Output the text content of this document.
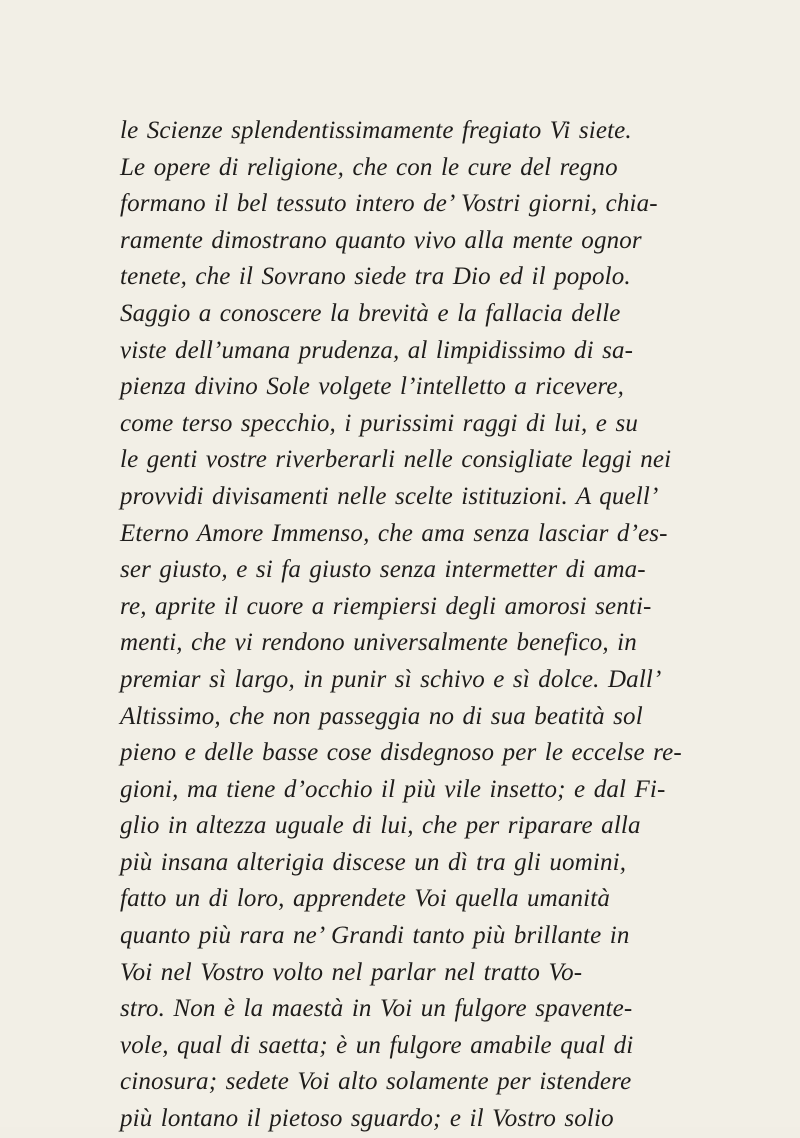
le Scienze splendentissimamente fregiato Vi siete.
Le opere di religione, che con le cure del regno
formano il bel tessuto intero de’ Vostri giorni, chia-
ramente dimostrano quanto vivo alla mente ognor
tenete, che il Sovrano siede tra Dio ed il popolo.
Saggio a conoscere la brevità e la fallacia delle
viste dell’umana prudenza, al limpidissimo di sa-
pienza divino Sole volgete l’intelletto a ricevere,
come terso specchio, i purissimi raggi di lui, e su
le genti vostre riverberarli nelle consigliate leggi nei
provvidi divisamenti nelle scelte istituzioni. A quell’
Eterno Amore Immenso, che ama senza lasciar d’es-
ser giusto, e si fa giusto senza intermetter di ama-
re, aprite il cuore a riempiersi degli amorosi senti-
menti, che vi rendono universalmente benefico, in
premiar sì largo, in punir sì schivo e sì dolce. Dall’
Altissimo, che non passeggia no di sua beatità sol
pieno e delle basse cose disdegnoso per le eccelse re-
gioni, ma tiene d’occhio il più vile insetto; e dal Fi-
glio in altezza uguale di lui, che per riparare alla
più insana alterigia discese un dì tra gli uomini,
fatto un di loro, apprendete Voi quella umanità
quanto più rara ne’ Grandi tanto più brillante in
Voi nel Vostro volto nel parlar nel tratto Vo-
stro. Non è la maestà in Voi un fulgore spavente-
vole, qual di saetta; è un fulgore amabile qual di
cinosura; sedete Voi alto solamente per istendere
più lontano il pietoso sguardo; e il Vostro solio
